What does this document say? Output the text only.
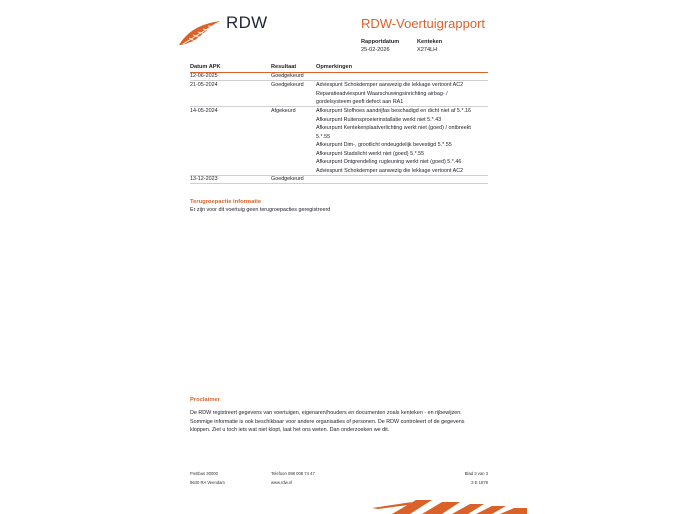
RDW	RDW-Voertuigrapport
Rapportdatum
25-02-2026
Kenteken
X274LH
Datum APK	Resultaat	Opmerkingen
12-06-2025	Goedgekeurd
21-05-2024	Goedgekeurd Adviespunt Schokdemper aanwezig die lekkage vertoont AC2
Reparatieadviespunt Waarschuwingsinrichting airbag- /
gordelsysteem geeft defect aan RA1
14-05-2024	Afgekeurd	Afkeurpunt Stofhoes aandrijfas beschadigd en dicht niet af 5.*.16
Afkeurpunt Ruitensproeierinstallatie werkt niet 5.*.43
Afkeurpunt Kentekenplaatverlichting werkt niet (goed) / ontbreekt
5.*.55
Afkeurpunt Dim-, grootlicht ondeugdelijk bevestigd 5.*.55
Afkeurpunt Stadslicht werkt niet (goed) 5.*.55
Afkeurpunt Ontgrendeling rugleuning werkt niet (goed) 5.*.46
Adviespunt Schokdemper aanwezig die lekkage vertoont AC2
13-12-2023	Goedgekeurd
Terugroepactie informatie
Er zijn voor dit voertuig geen terugroepacties geregistreerd
Proclaimer
De RDW registreert gegevens van voertuigen, eigenaren/houders en documenten zoals kenteken - en rijbewijzen.
Sommige informatie is ook beschikbaar voor andere organisaties of personen. De RDW controleert of de gegevens
kloppen. Ziet u toch iets wat niet klopt, laat het ons weten. Dan onderzoeken we dit.
Postbus 30000
9640 RA Veendam
Telefoon 088 008 74 47
www.rdw.nl
Blad 3 van 3
3 E 1878
